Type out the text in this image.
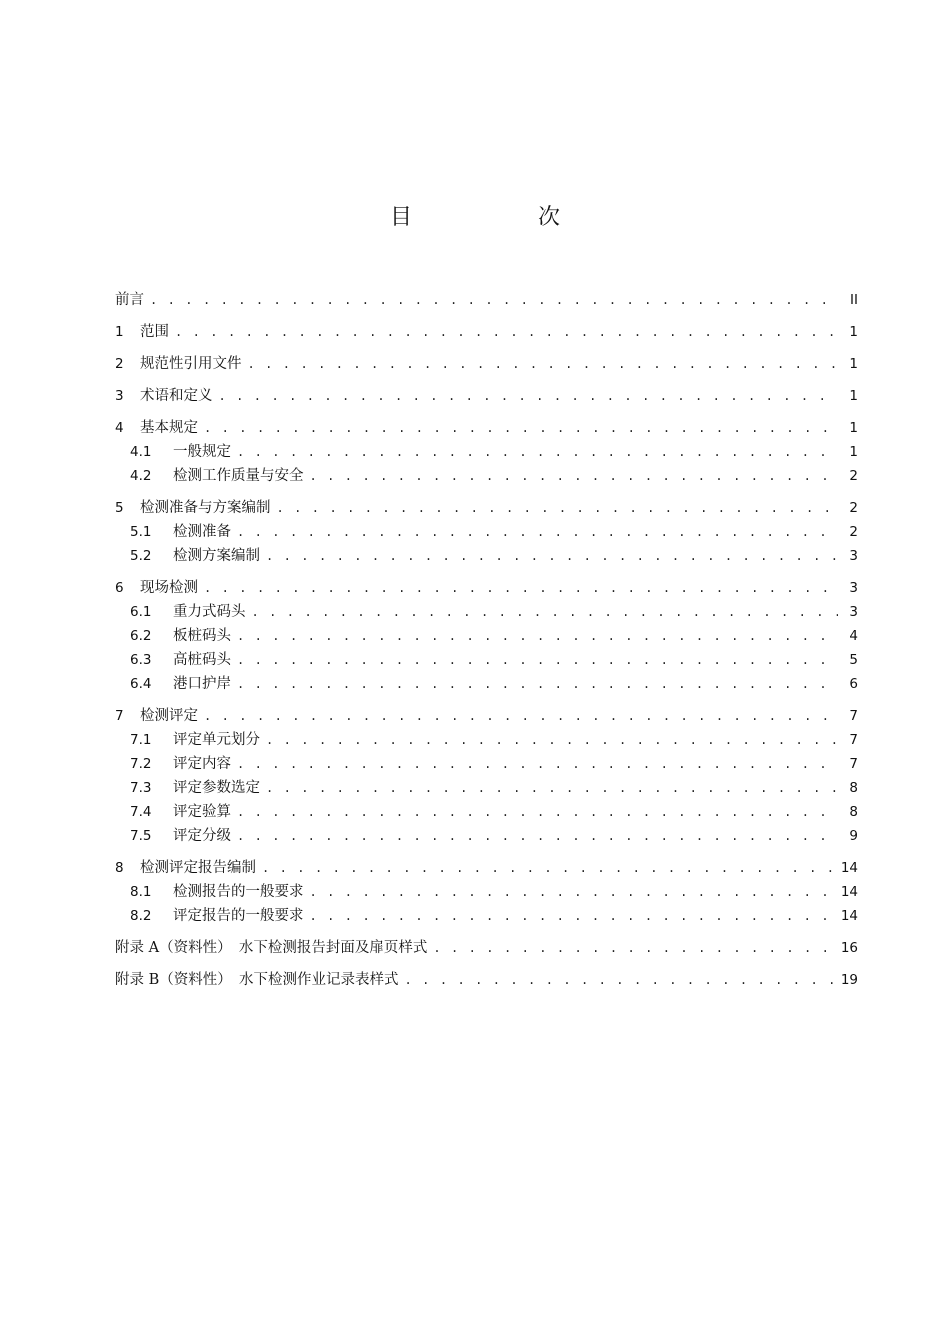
目　次
前言 . . .	II
1	范围 . . .	1
2	规范性引用文件 . . .	1
3	术语和定义 . . .	1
4	基本规定 . . .	1
4.1	一般规定 . . .	1
4.2	检测工作质量与安全 . . .	2
5	检测准备与方案编制 . . .	2
5.1	检测准备 . . .	2
5.2	检测方案编制 . . .	3
6	现场检测 . . .	3
6.1	重力式码头 . . .	3
6.2	板桩码头 . . .	4
6.3	高桩码头 . . .	5
6.4	港口护岸 . . .	6
7	检测评定 . . .	7
7.1	评定单元划分 . . .	7
7.2	评定内容 . . .	7
7.3	评定参数选定 . . .	8
7.4	评定验算 . . .	8
7.5	评定分级 . . .	9
8	检测评定报告编制 . . .	14
8.1	检测报告的一般要求 . . .	14
8.2	评定报告的一般要求 . . .	14
附录 A（资料性）　水下检测报告封面及扉页样式 . . .	16
附录 B（资料性）　水下检测作业记录表样式 . . .	19
